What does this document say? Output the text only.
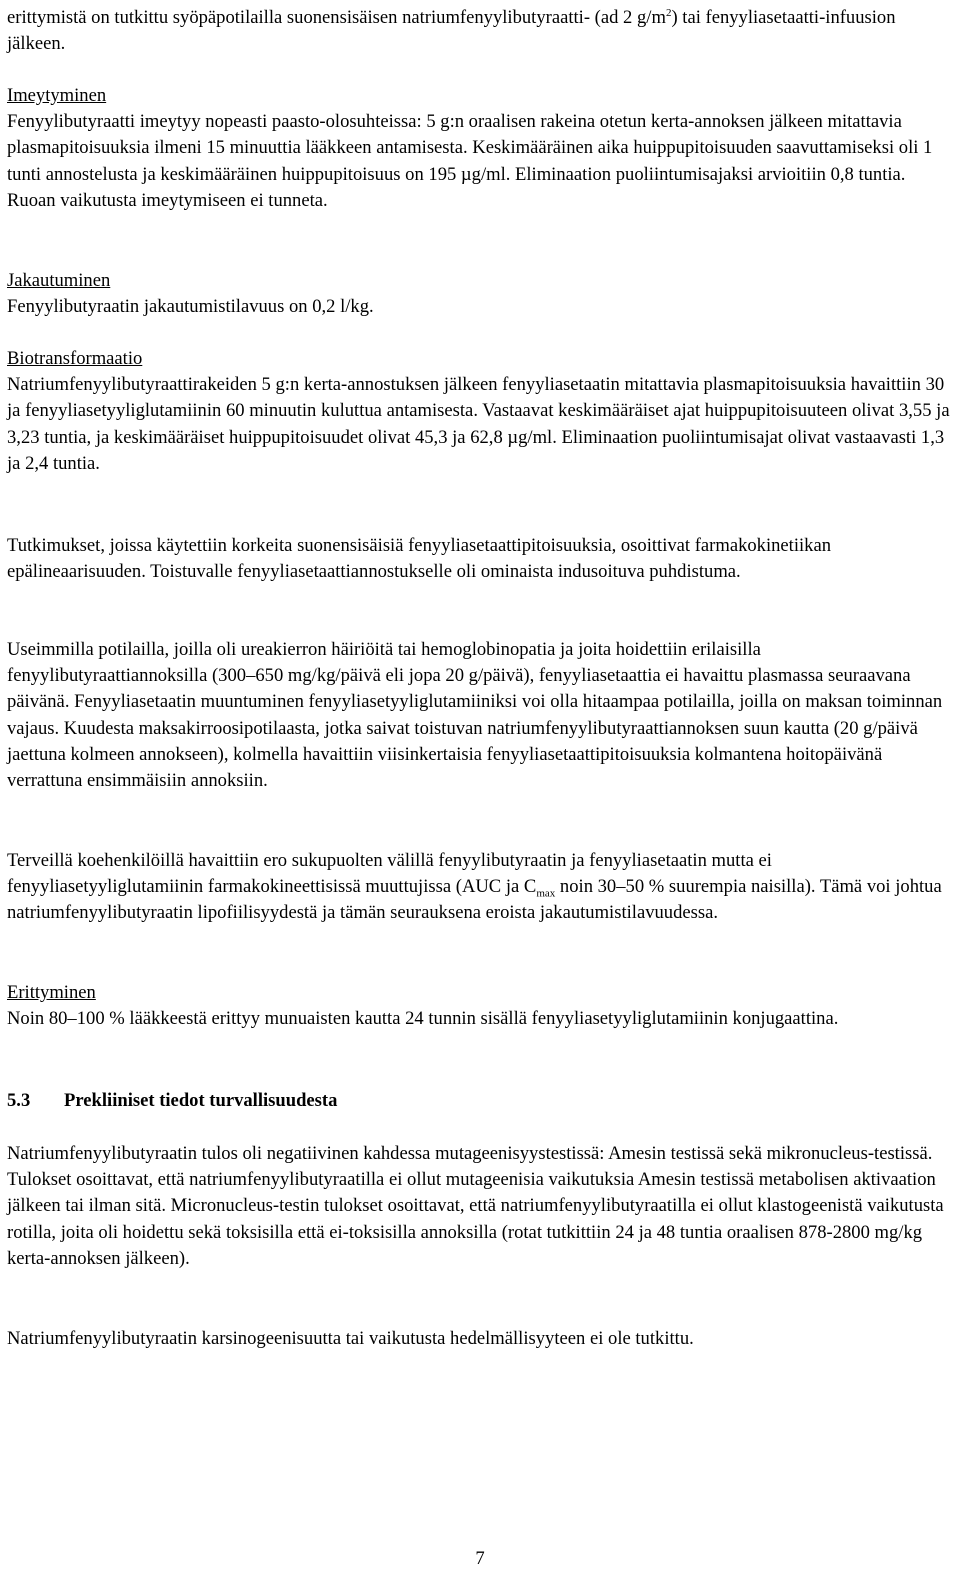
erittymistä on tutkittu syöpäpotilailla suonensisäisen natriumfenyylibutyraatti- (ad 2 $g/m^2$) tai fenyyliasetaatti-infuusion jälkeen.

Imeytyminen

Fenyylibutyraatti imeytyy nopeasti paasto-olosuhteissa: 5 g:n oraalisen rakeina otetun kerta-annoksen jälkeen mitattavia plasmapitoisuuksia ilmeni 15 minuuttia lääkkeen antamisesta. Keskimääräinen aika huippupitoisuuden saavuttamiseksi oli 1 tunti annostelusta ja keskimääräinen huippupitoisuus on 195 µg/ml. Eliminaation puoliintumisajaksi arvioitiin 0,8 tuntia.

Ruoan vaikutusta imeytymiseen ei tunneta.

Jakautuminen

Fenyylibutyraatin jakautumistilavuus on 0,2 l/kg.

Biotransformaatio

Natriumfenyylibutyraattirakeiden 5 g:n kerta-annostuksen jälkeen fenyyliasetaatin mitattavia plasmapitoisuuksia havaittiin 30 ja fenyyliasetyyliglutamiinin 60 minuutin kuluttua antamisesta. Vastaavat keskimääräiset ajat huippupitoisuuteen olivat 3,55 ja 3,23 tuntia, ja keskimääräiset huippupitoisuudet olivat 45,3 ja 62,8 µg/ml. Eliminaation puoliintumisajat olivat vastaavasti 1,3 ja 2,4 tuntia.

Tutkimukset, joissa käytettiin korkeita suonensisäisiä fenyyliasetaattipitoisuuksia, osoittivat farmakokinetiikan epälineaarisuuden. Toistuvalle fenyyliasetaattiannostukselle oli ominaista indusoituva puhdistuma.
Useimmilla potilailla, joilla oli ureakierron häiriöitä tai hemoglobinopatia ja joita hoidettiin erilaisilla fenyylibutyraattiannoksilla (300–650 mg/kg/päivä eli jopa 20 g/päivä), fenyyliasetaattia ei havaittu plasmassa seuraavana päivänä. Fenyyliasetaatin muuntuminen fenyyliasetyyliglutamiiniksi voi olla hitaampaa potilailla, joilla on maksan toiminnan vajaus. Kuudesta maksakirroosipotilaasta, jotka saivat toistuvan natriumfenyylibutyraattiannoksen suun kautta (20 g/päivä jaettuna kolmeen annokseen), kolmella havaittiin viisinkertaisia fenyyliasetaattipitoisuuksia kolmantena hoitopäivänä verrattuna ensimmäisiin annoksiin.
Terveillä koehenkilöillä havaittiin ero sukupuolten välillä fenyylibutyraatin ja fenyyliasetaatin mutta ei fenyyliasetyyliglutamiinin farmakokineettisissä muuttujissa (AUC ja $C_{max}$ noin 30–50 % suurempia naisilla). Tämä voi johtua natriumfenyylibutyraatin lipofiilisyydestä ja tämän seurauksena eroista jakautumistilavuudessa.

Erittyminen

Noin 80–100 % lääkkeestä erittyy munuaisten kautta 24 tunnin sisällä fenyyliasetyyliglutamiinin konjugaattina.

5.3 Prekliiniset tiedot turvallisuudesta
Natriumfenyylibutyraatin tulos oli negatiivinen kahdessa mutageenisyystestissä: Amesin testissä sekä mikronucleus-testissä. Tulokset osoittavat, että natriumfenyylibutyraatilla ei ollut mutageenisia vaikutuksia Amesin testissä metabolisen aktivaation jälkeen tai ilman sitä. Micronucleus-testin tulokset osoittavat, että natriumfenyylibutyraatilla ei ollut klastogeenistä vaikutusta rotilla, joita oli hoidettu sekä toksisilla että ei-toksisilla annoksilla (rotat tutkittiin 24 ja 48 tuntia oraalisen 878-2800 mg/kg kerta-annoksen jälkeen).
Natriumfenyylibutyraatin karsinogeenisuutta tai vaikutusta hedelmällisyyteen ei ole tutkittu.
7
